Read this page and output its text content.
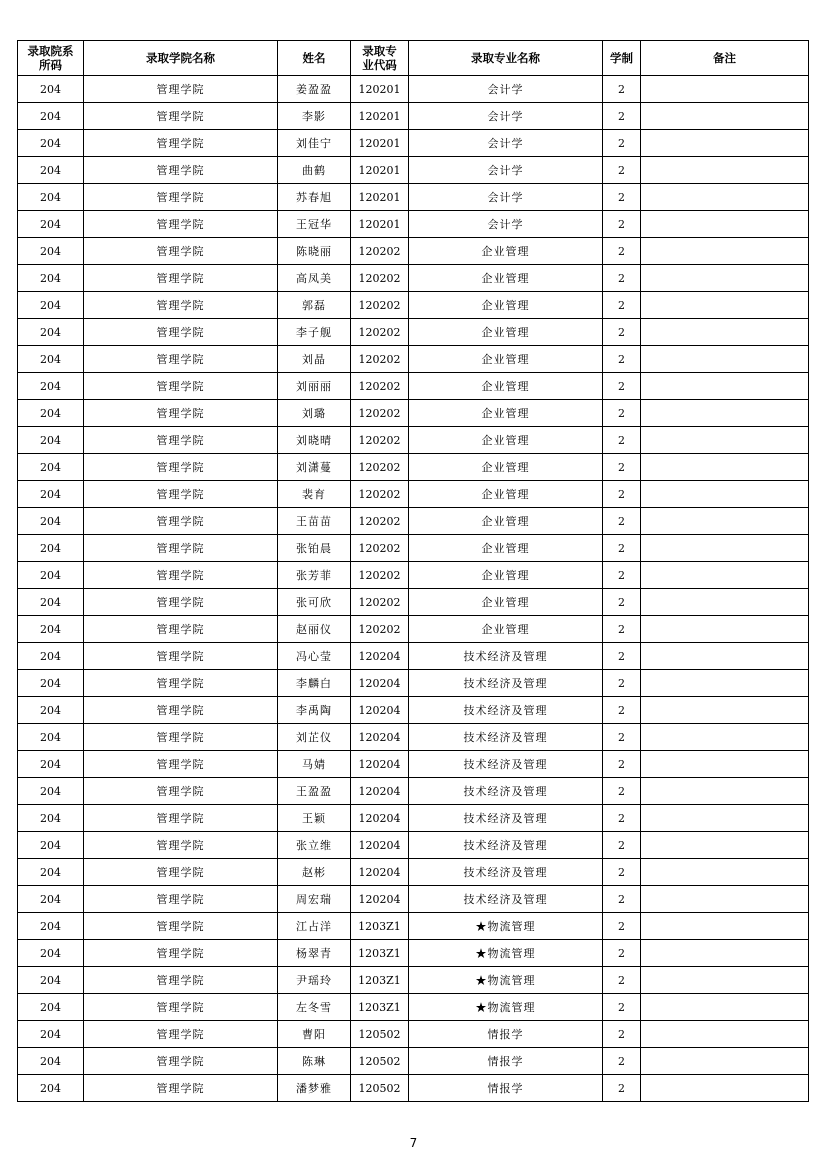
录取院系所码	录取学院名称	姓名	录取专业代码	录取专业名称	学制	备注
204	管理学院	姜盈盈	120201	会计学	2	
204	管理学院	李影	120201	会计学	2	
204	管理学院	刘佳宁	120201	会计学	2	
204	管理学院	曲鹤	120201	会计学	2	
204	管理学院	苏春旭	120201	会计学	2	
204	管理学院	王冠华	120201	会计学	2	
204	管理学院	陈晓丽	120202	企业管理	2	
204	管理学院	高凤美	120202	企业管理	2	
204	管理学院	郭磊	120202	企业管理	2	
204	管理学院	李子舰	120202	企业管理	2	
204	管理学院	刘晶	120202	企业管理	2	
204	管理学院	刘丽丽	120202	企业管理	2	
204	管理学院	刘璐	120202	企业管理	2	
204	管理学院	刘晓晴	120202	企业管理	2	
204	管理学院	刘潇蔓	120202	企业管理	2	
204	管理学院	裴育	120202	企业管理	2	
204	管理学院	王苗苗	120202	企业管理	2	
204	管理学院	张铂晨	120202	企业管理	2	
204	管理学院	张芳菲	120202	企业管理	2	
204	管理学院	张可欣	120202	企业管理	2	
204	管理学院	赵丽仪	120202	企业管理	2	
204	管理学院	冯心莹	120204	技术经济及管理	2	
204	管理学院	李麟白	120204	技术经济及管理	2	
204	管理学院	李禹陶	120204	技术经济及管理	2	
204	管理学院	刘芷仪	120204	技术经济及管理	2	
204	管理学院	马婧	120204	技术经济及管理	2	
204	管理学院	王盈盈	120204	技术经济及管理	2	
204	管理学院	王颖	120204	技术经济及管理	2	
204	管理学院	张立维	120204	技术经济及管理	2	
204	管理学院	赵彬	120204	技术经济及管理	2	
204	管理学院	周宏瑞	120204	技术经济及管理	2	
204	管理学院	江占洋	1203Z1	★物流管理	2	
204	管理学院	杨翠青	1203Z1	★物流管理	2	
204	管理学院	尹瑶玲	1203Z1	★物流管理	2	
204	管理学院	左冬雪	1203Z1	★物流管理	2	
204	管理学院	曹阳	120502	情报学	2	
204	管理学院	陈琳	120502	情报学	2	
204	管理学院	潘梦雅	120502	情报学	2	
7
